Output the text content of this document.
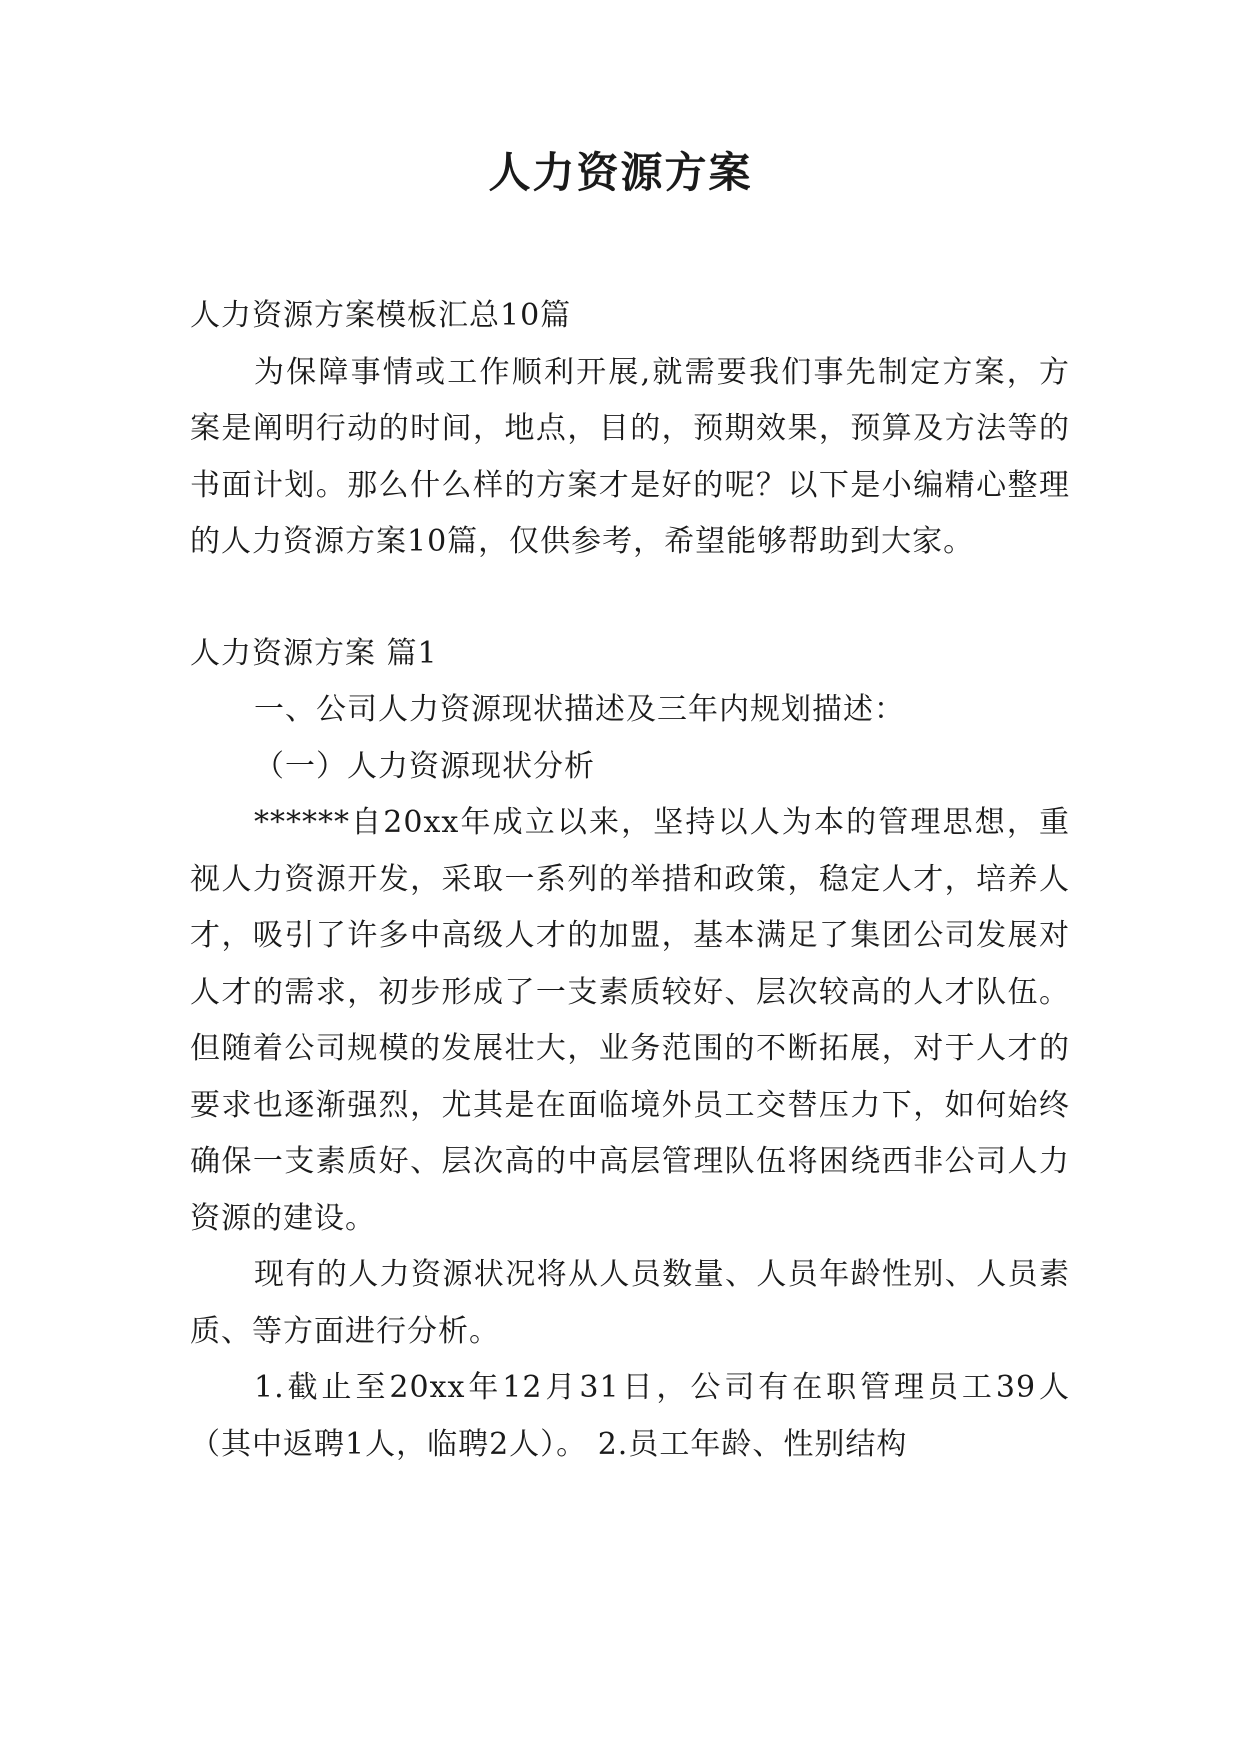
人力资源方案

人力资源方案模板汇总10篇

为保障事情或工作顺利开展,就需要我们事先制定方案，方案是阐明行动的时间，地点，目的，预期效果，预算及方法等的书面计划。那么什么样的方案才是好的呢？以下是小编精心整理的人力资源方案10篇，仅供参考，希望能够帮助到大家。

人力资源方案 篇1

一、公司人力资源现状描述及三年内规划描述：

（一）人力资源现状分析

******自20xx年成立以来，坚持以人为本的管理思想，重视人力资源开发，采取一系列的举措和政策，稳定人才，培养人才，吸引了许多中高级人才的加盟，基本满足了集团公司发展对人才的需求，初步形成了一支素质较好、层次较高的人才队伍。但随着公司规模的发展壮大，业务范围的不断拓展，对于人才的要求也逐渐强烈，尤其是在面临境外员工交替压力下，如何始终确保一支素质好、层次高的中高层管理队伍将困绕西非公司人力资源的建设。

现有的人力资源状况将从人员数量、人员年龄性别、人员素质、等方面进行分析。

1.截止至20xx年12月31日，公司有在职管理员工39人（其中返聘1人，临聘2人）。 2.员工年龄、性别结构
